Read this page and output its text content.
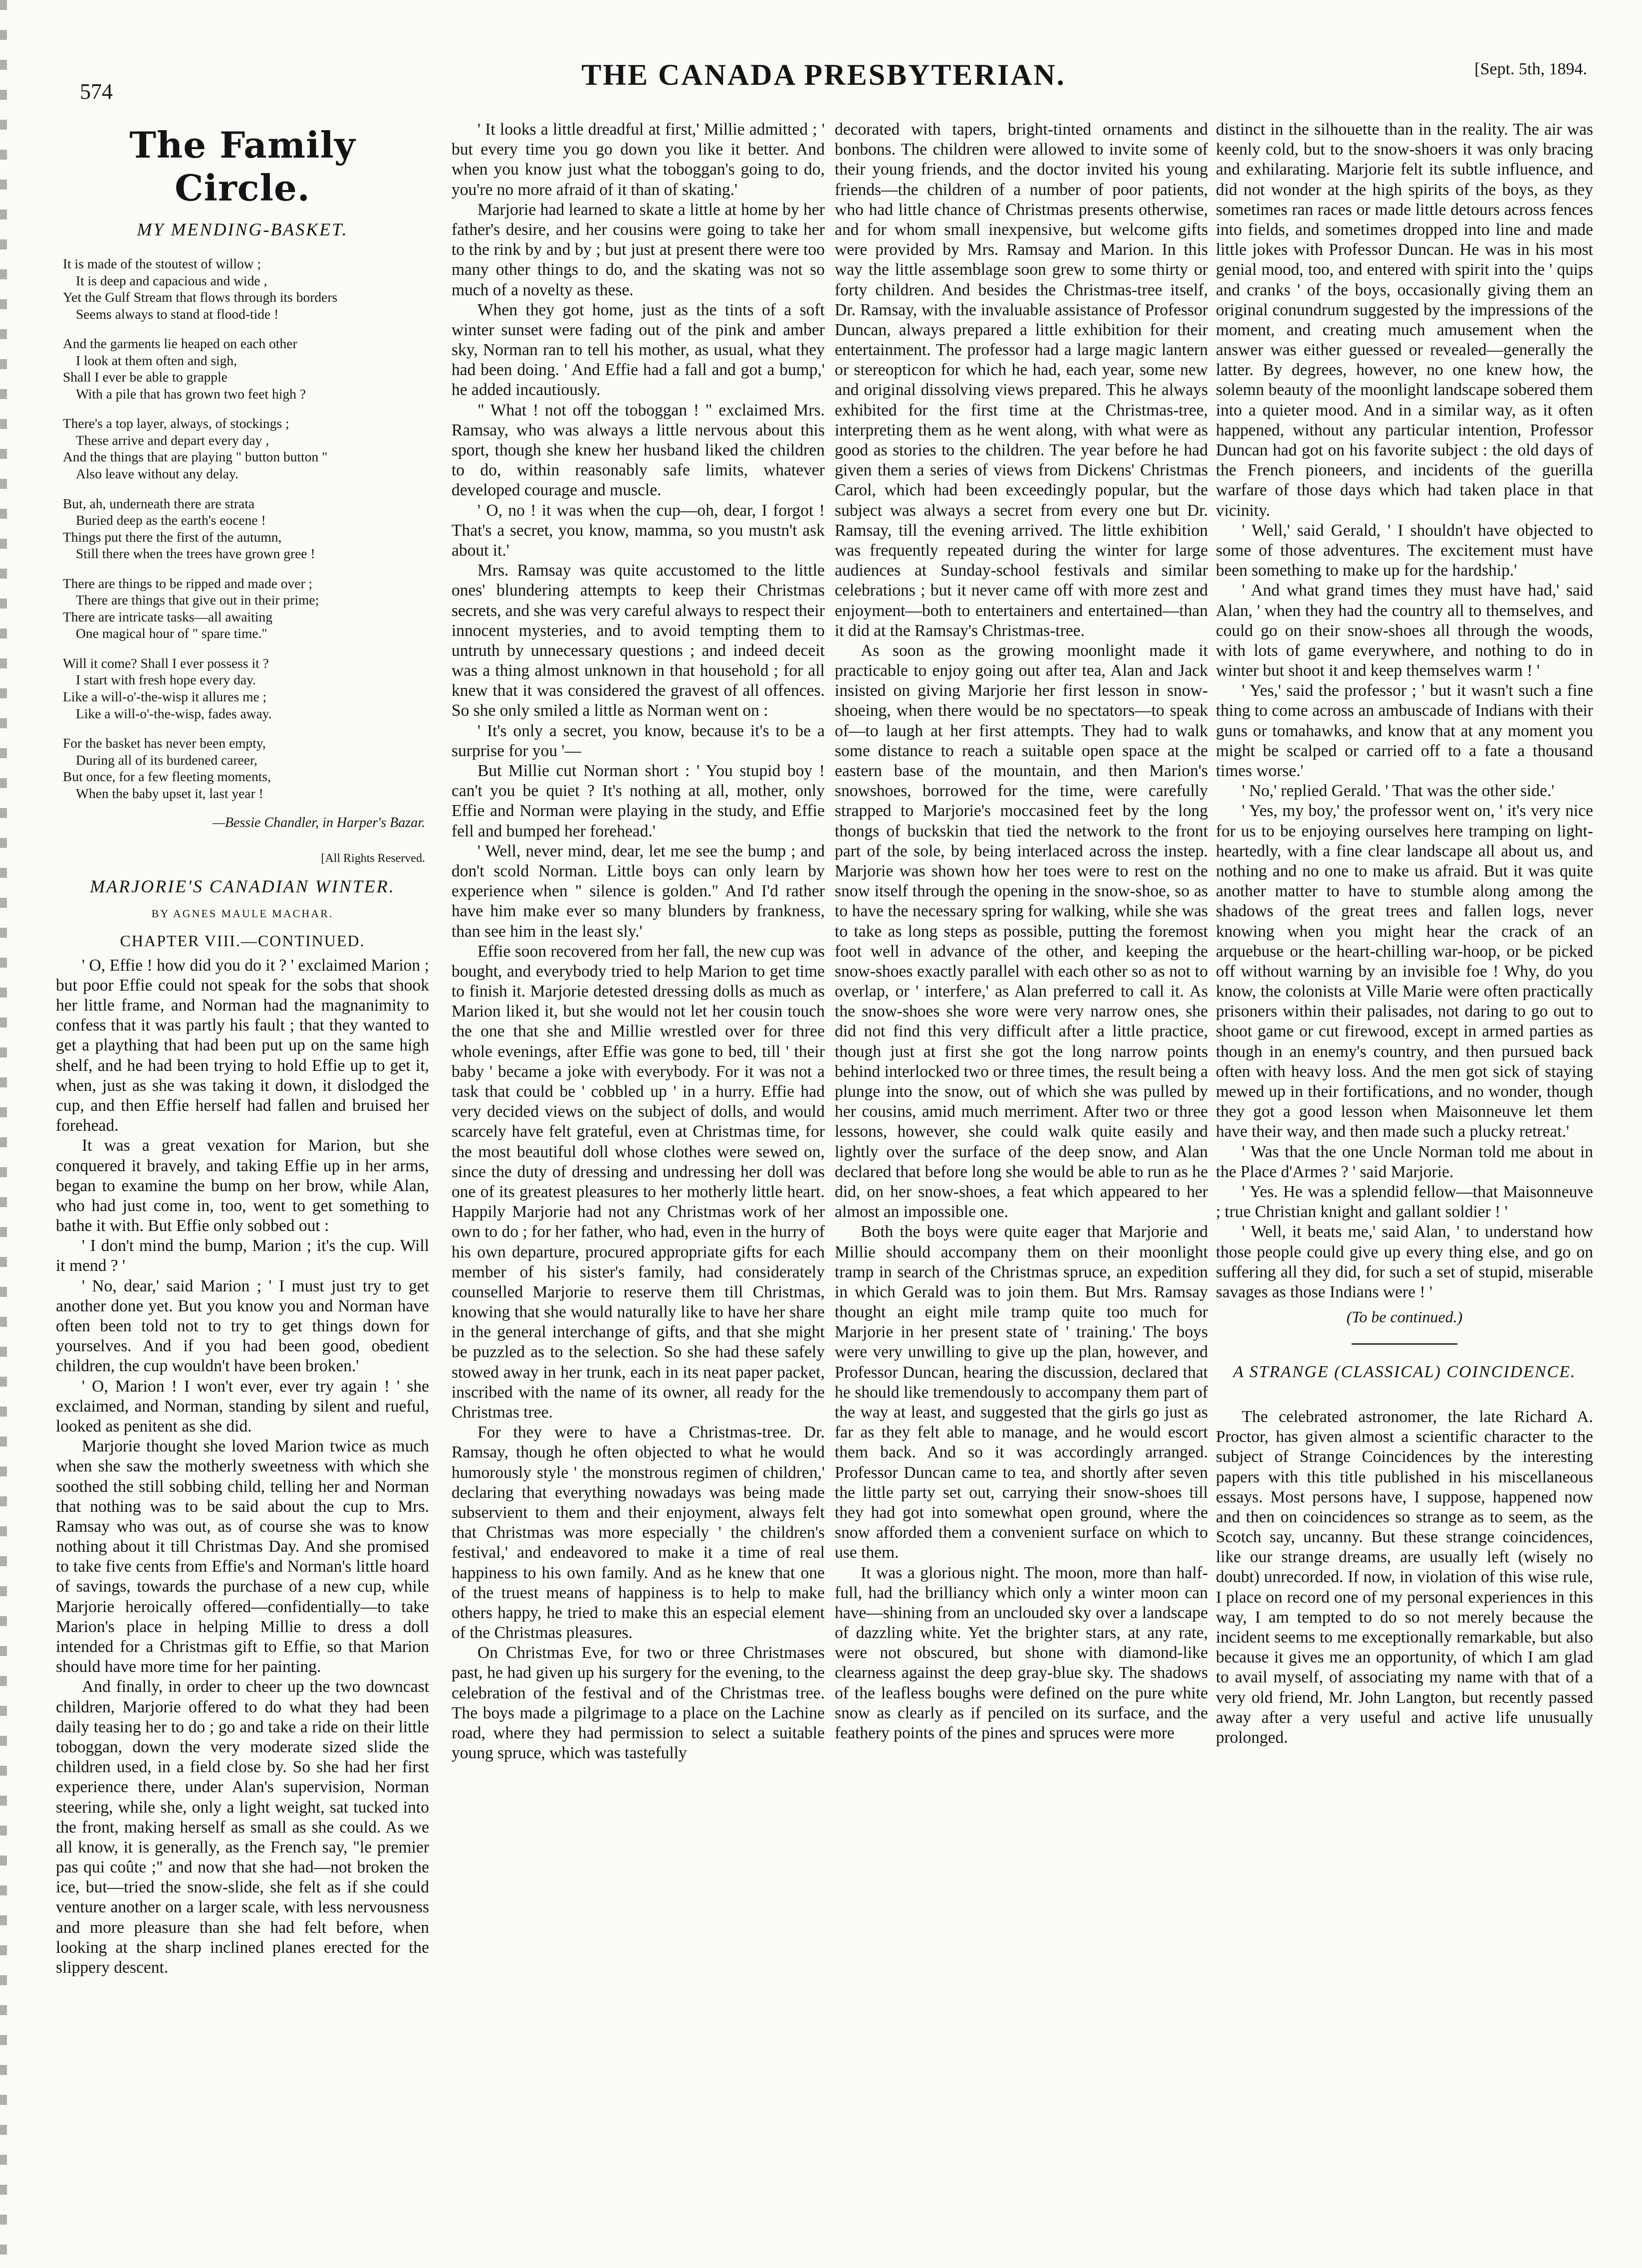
574
THE CANADA PRESBYTERIAN.	[Sept. 5th, 1894.
The Family Circle.
MY MENDING-BASKET.
It is made of the stoutest of willow ;
It is deep and capacious and wide ,
Yet the Gulf Stream that flows through its borders
Seems always to stand at flood-tide !
And the garments lie heaped on each other
I look at them often and sigh,
Shall I ever be able to grapple
With a pile that has grown two feet high ?
There's a top layer, always, of stockings ;
These arrive and depart every day ,
And the things that are playing " button button "
Also leave without any delay.
But, ah, underneath there are strata
Buried deep as the earth's eocene !
Things put there the first of the autumn,
Still there when the trees have grown gree !
There are things to be ripped and made over ;
There are things that give out in their prime;
There are intricate tasks—all awaiting
One magical hour of " spare time."
Will it come? Shall I ever possess it ?
I start with fresh hope every day.
Like a will-o'-the-wisp it allures me ;
Like a will-o'-the-wisp, fades away.
For the basket has never been empty,
During all of its burdened career,
But once, for a few fleeting moments,
When the baby upset it, last year !
—Bessie Chandler, in Harper's Bazar.
[All Rights Reserved.
MARJORIE'S CANADIAN WINTER.
BY AGNES MAULE MACHAR.
CHAPTER VIII.—CONTINUED.

' O, Effie ! how did you do it ? ' exclaimed Marion ; but poor Effie could not speak for the sobs that shook her little frame, and Norman had the magnanimity to confess that it was partly his fault ; that they wanted to get a plaything that had been put up on the same high shelf, and he had been trying to hold Effie up to get it, when, just as she was taking it down, it dislodged the cup, and then Effie herself had fallen and bruised her forehead.

It was a great vexation for Marion, but she conquered it bravely, and taking Effie up in her arms, began to examine the bump on her brow, while Alan, who had just come in, too, went to get something to bathe it with. But Effie only sobbed out :

' I don't mind the bump, Marion ; it's the cup. Will it mend ? '

' No, dear,' said Marion ; ' I must just try to get another done yet. But you know you and Norman have often been told not to try to get things down for yourselves. And if you had been good, obedient children, the cup wouldn't have been broken.'

' O, Marion ! I won't ever, ever try again ! ' she exclaimed, and Norman, standing by silent and rueful, looked as penitent as she did.

Marjorie thought she loved Marion twice as much when she saw the motherly sweetness with which she soothed the still sobbing child, telling her and Norman that nothing was to be said about the cup to Mrs. Ramsay who was out, as of course she was to know nothing about it till Christmas Day. And she promised to take five cents from Effie's and Norman's little hoard of savings, towards the purchase of a new cup, while Marjorie heroically offered—confidentially—to take Marion's place in helping Millie to dress a doll intended for a Christmas gift to Effie, so that Marion should have more time for her painting.

And finally, in order to cheer up the two downcast children, Marjorie offered to do what they had been daily teasing her to do ; go and take a ride on their little toboggan, down the very moderate sized slide the children used, in a field close by. So she had her first experience there, under Alan's supervision, Norman steering, while she, only a light weight, sat tucked into the front, making herself as small as she could. As we all know, it is generally, as the French say, "le premier pas qui coûte ;" and now that she had—not broken the ice, but—tried the snow-slide, she felt as if she could venture another on a larger scale, with less nervousness and more pleasure than she had felt before, when looking at the sharp inclined planes erected for the slippery descent.

' It looks a little dreadful at first,' Millie admitted ; ' but every time you go down you like it better. And when you know just what the toboggan's going to do, you're no more afraid of it than of skating.'

Marjorie had learned to skate a little at home by her father's desire, and her cousins were going to take her to the rink by and by ; but just at present there were too many other things to do, and the skating was not so much of a novelty as these.

When they got home, just as the tints of a soft winter sunset were fading out of the pink and amber sky, Norman ran to tell his mother, as usual, what they had been doing. ' And Effie had a fall and got a bump,' he added incautiously.

" What ! not off the toboggan ! " exclaimed Mrs. Ramsay, who was always a little nervous about this sport, though she knew her husband liked the children to do, within reasonably safe limits, whatever developed courage and muscle.

' O, no ! it was when the cup—oh, dear, I forgot ! That's a secret, you know, mamma, so you mustn't ask about it.'

Mrs. Ramsay was quite accustomed to the little ones' blundering attempts to keep their Christmas secrets, and she was very careful always to respect their innocent mysteries, and to avoid tempting them to untruth by unnecessary questions ; and indeed deceit was a thing almost unknown in that household ; for all knew that it was considered the gravest of all offences. So she only smiled a little as Norman went on :

' It's only a secret, you know, because it's to be a surprise for you '—

But Millie cut Norman short : ' You stupid boy ! can't you be quiet ? It's nothing at all, mother, only Effie and Norman were playing in the study, and Effie fell and bumped her forehead.'

' Well, never mind, dear, let me see the bump ; and don't scold Norman. Little boys can only learn by experience when " silence is golden." And I'd rather have him make ever so many blunders by frankness, than see him in the least sly.'

Effie soon recovered from her fall, the new cup was bought, and everybody tried to help Marion to get time to finish it. Marjorie detested dressing dolls as much as Marion liked it, but she would not let her cousin touch the one that she and Millie wrestled over for three whole evenings, after Effie was gone to bed, till ' their baby ' became a joke with everybody. For it was not a task that could be ' cobbled up ' in a hurry. Effie had very decided views on the subject of dolls, and would scarcely have felt grateful, even at Christmas time, for the most beautiful doll whose clothes were sewed on, since the duty of dressing and undressing her doll was one of its greatest pleasures to her motherly little heart. Happily Marjorie had not any Christmas work of her own to do ; for her father, who had, even in the hurry of his own departure, procured appropriate gifts for each member of his sister's family, had considerately counselled Marjorie to reserve them till Christmas, knowing that she would naturally like to have her share in the general interchange of gifts, and that she might be puzzled as to the selection. So she had these safely stowed away in her trunk, each in its neat paper packet, inscribed with the name of its owner, all ready for the Christmas tree.

For they were to have a Christmas-tree. Dr. Ramsay, though he often objected to what he would humorously style ' the monstrous regimen of children,' declaring that everything nowadays was being made subservient to them and their enjoyment, always felt that Christmas was more especially ' the children's festival,' and endeavored to make it a time of real happiness to his own family. And as he knew that one of the truest means of happiness is to help to make others happy, he tried to make this an especial element of the Christmas pleasures.

On Christmas Eve, for two or three Christmases past, he had given up his surgery for the evening, to the celebration of the festival and of the Christmas tree. The boys made a pilgrimage to a place on the Lachine road, where they had permission to select a suitable young spruce, which was tastefully

decorated with tapers, bright-tinted ornaments and bonbons. The children were allowed to invite some of their young friends, and the doctor invited his young friends—the children of a number of poor patients, who had little chance of Christmas presents otherwise, and for whom small inexpensive, but welcome gifts were provided by Mrs. Ramsay and Marion. In this way the little assemblage soon grew to some thirty or forty children. And besides the Christmas-tree itself, Dr. Ramsay, with the invaluable assistance of Professor Duncan, always prepared a little exhibition for their entertainment. The professor had a large magic lantern or stereopticon for which he had, each year, some new and original dissolving views prepared. This he always exhibited for the first time at the Christmas-tree, interpreting them as he went along, with what were as good as stories to the children. The year before he had given them a series of views from Dickens' Christmas Carol, which had been exceedingly popular, but the subject was always a secret from every one but Dr. Ramsay, till the evening arrived. The little exhibition was frequently repeated during the winter for large audiences at Sunday-school festivals and similar celebrations ; but it never came off with more zest and enjoyment—both to entertainers and entertained—than it did at the Ramsay's Christmas-tree.

As soon as the growing moonlight made it practicable to enjoy going out after tea, Alan and Jack insisted on giving Marjorie her first lesson in snow-shoeing, when there would be no spectators—to speak of—to laugh at her first attempts. They had to walk some distance to reach a suitable open space at the eastern base of the mountain, and then Marion's snowshoes, borrowed for the time, were carefully strapped to Marjorie's moccasined feet by the long thongs of buckskin that tied the network to the front part of the sole, by being interlaced across the instep. Marjorie was shown how her toes were to rest on the snow itself through the opening in the snow-shoe, so as to have the necessary spring for walking, while she was to take as long steps as possible, putting the foremost foot well in advance of the other, and keeping the snow-shoes exactly parallel with each other so as not to overlap, or ' interfere,' as Alan preferred to call it. As the snow-shoes she wore were very narrow ones, she did not find this very difficult after a little practice, though just at first she got the long narrow points behind interlocked two or three times, the result being a plunge into the snow, out of which she was pulled by her cousins, amid much merriment. After two or three lessons, however, she could walk quite easily and lightly over the surface of the deep snow, and Alan declared that before long she would be able to run as he did, on her snow-shoes, a feat which appeared to her almost an impossible one.

Both the boys were quite eager that Marjorie and Millie should accompany them on their moonlight tramp in search of the Christmas spruce, an expedition in which Gerald was to join them. But Mrs. Ramsay thought an eight mile tramp quite too much for Marjorie in her present state of ' training.' The boys were very unwilling to give up the plan, however, and Professor Duncan, hearing the discussion, declared that he should like tremendously to accompany them part of the way at least, and suggested that the girls go just as far as they felt able to manage, and he would escort them back. And so it was accordingly arranged. Professor Duncan came to tea, and shortly after seven the little party set out, carrying their snow-shoes till they had got into somewhat open ground, where the snow afforded them a convenient surface on which to use them.

It was a glorious night. The moon, more than half-full, had the brilliancy which only a winter moon can have—shining from an unclouded sky over a landscape of dazzling white. Yet the brighter stars, at any rate, were not obscured, but shone with diamond-like clearness against the deep gray-blue sky. The shadows of the leafless boughs were defined on the pure white snow as clearly as if penciled on its surface, and the feathery points of the pines and spruces were more

distinct in the silhouette than in the reality. The air was keenly cold, but to the snow-shoers it was only bracing and exhilarating. Marjorie felt its subtle influence, and did not wonder at the high spirits of the boys, as they sometimes ran races or made little detours across fences into fields, and sometimes dropped into line and made little jokes with Professor Duncan. He was in his most genial mood, too, and entered with spirit into the ' quips and cranks ' of the boys, occasionally giving them an original conundrum suggested by the impressions of the moment, and creating much amusement when the answer was either guessed or revealed—generally the latter. By degrees, however, no one knew how, the solemn beauty of the moonlight landscape sobered them into a quieter mood. And in a similar way, as it often happened, without any particular intention, Professor Duncan had got on his favorite subject : the old days of the French pioneers, and incidents of the guerilla warfare of those days which had taken place in that vicinity.

' Well,' said Gerald, ' I shouldn't have objected to some of those adventures. The excitement must have been something to make up for the hardship.'

' And what grand times they must have had,' said Alan, ' when they had the country all to themselves, and could go on their snow-shoes all through the woods, with lots of game everywhere, and nothing to do in winter but shoot it and keep themselves warm ! '

' Yes,' said the professor ; ' but it wasn't such a fine thing to come across an ambuscade of Indians with their guns or tomahawks, and know that at any moment you might be scalped or carried off to a fate a thousand times worse.'

' No,' replied Gerald. ' That was the other side.'

' Yes, my boy,' the professor went on, ' it's very nice for us to be enjoying ourselves here tramping on light-heartedly, with a fine clear landscape all about us, and nothing and no one to make us afraid. But it was quite another matter to have to stumble along among the shadows of the great trees and fallen logs, never knowing when you might hear the crack of an arquebuse or the heart-chilling war-hoop, or be picked off without warning by an invisible foe ! Why, do you know, the colonists at Ville Marie were often practically prisoners within their palisades, not daring to go out to shoot game or cut firewood, except in armed parties as though in an enemy's country, and then pursued back often with heavy loss. And the men got sick of staying mewed up in their fortifications, and no wonder, though they got a good lesson when Maisonneuve let them have their way, and then made such a plucky retreat.'

' Was that the one Uncle Norman told me about in the Place d'Armes ? ' said Marjorie.

' Yes. He was a splendid fellow—that Maisonneuve ; true Christian knight and gallant soldier ! '

' Well, it beats me,' said Alan, ' to understand how those people could give up every thing else, and go on suffering all they did, for such a set of stupid, miserable savages as those Indians were ! '

(To be continued.)
A STRANGE (CLASSICAL) COINCIDENCE.

The celebrated astronomer, the late Richard A. Proctor, has given almost a scientific character to the subject of Strange Coincidences by the interesting papers with this title published in his miscellaneous essays. Most persons have, I suppose, happened now and then on coincidences so strange as to seem, as the Scotch say, uncanny. But these strange coincidences, like our strange dreams, are usually left (wisely no doubt) unrecorded. If now, in violation of this wise rule, I place on record one of my personal experiences in this way, I am tempted to do so not merely because the incident seems to me exceptionally remarkable, but also because it gives me an opportunity, of which I am glad to avail myself, of associating my name with that of a very old friend, Mr. John Langton, but recently passed away after a very useful and active life unusually prolonged.
